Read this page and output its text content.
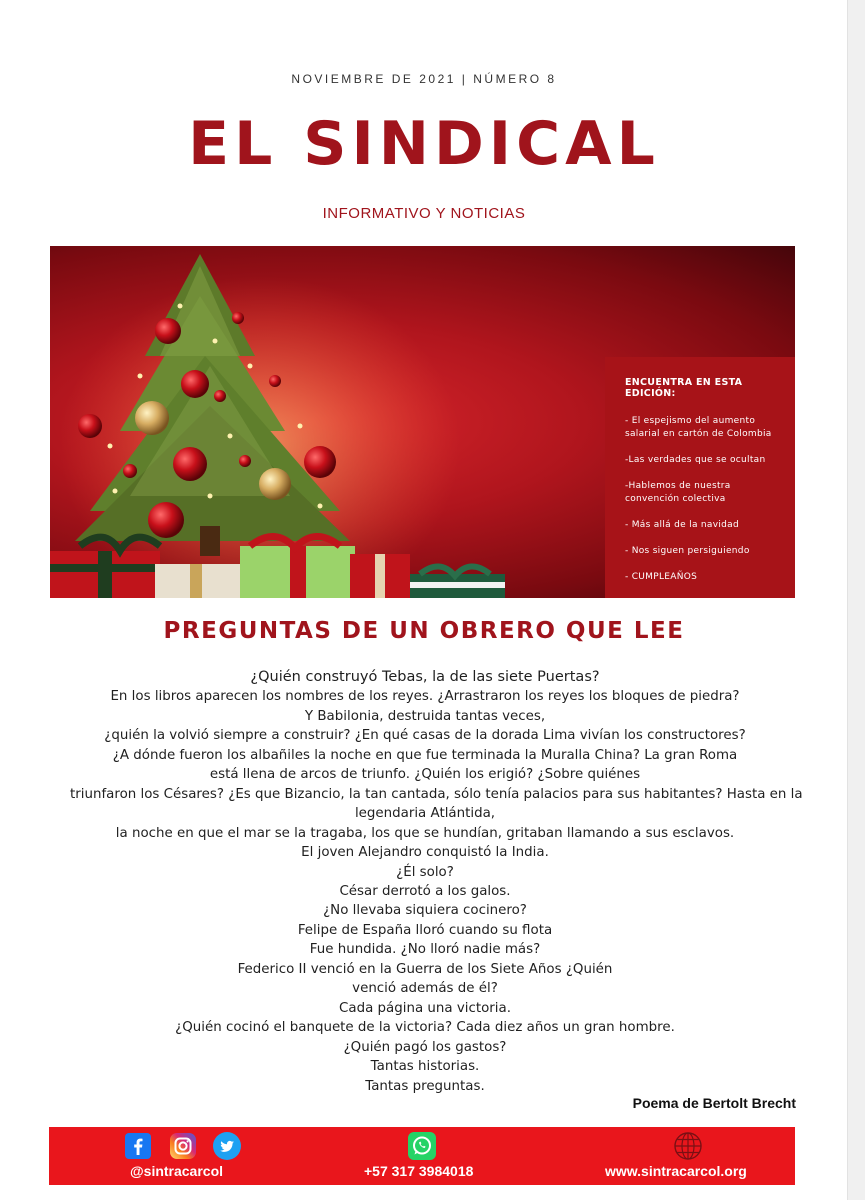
NOVIEMBRE DE 2021 | NÚMERO 8
EL SINDICAL
INFORMATIVO Y NOTICIAS
ENCUENTRA EN ESTA EDICIÓN:
- El espejismo del aumento salarial en cartón de Colombia
-Las verdades que se ocultan
-Hablemos de nuestra convención colectiva
- Más allá de la navidad
- Nos siguen persiguiendo
- CUMPLEAÑOS
PREGUNTAS DE UN OBRERO QUE LEE
¿Quién construyó Tebas, la de las siete Puertas?
En los libros aparecen los nombres de los reyes. ¿Arrastraron los reyes los bloques de piedra?
Y Babilonia, destruida tantas veces,
¿quién la volvió siempre a construir? ¿En qué casas de la dorada Lima vivían los constructores?
¿A dónde fueron los albañiles la noche en que fue terminada la Muralla China? La gran Roma
está llena de arcos de triunfo. ¿Quién los erigió? ¿Sobre quiénes
triunfaron los Césares? ¿Es que Bizancio, la tan cantada, sólo tenía palacios para sus habitantes? Hasta en la
legendaria Atlántida,
la noche en que el mar se la tragaba, los que se hundían, gritaban llamando a sus esclavos.
El joven Alejandro conquistó la India.
¿Él solo?
César derrotó a los galos.
¿No llevaba siquiera cocinero?
Felipe de España lloró cuando su flota
Fue hundida. ¿No lloró nadie más?
Federico II venció en la Guerra de los Siete Años ¿Quién
venció además de él?
Cada página una victoria.
¿Quién cocinó el banquete de la victoria? Cada diez años un gran hombre.
¿Quién pagó los gastos?
Tantas historias.
Tantas preguntas.
Poema de Bertolt Brecht
@sintracarcol	+57 317 3984018	www.sintracarcol.org
